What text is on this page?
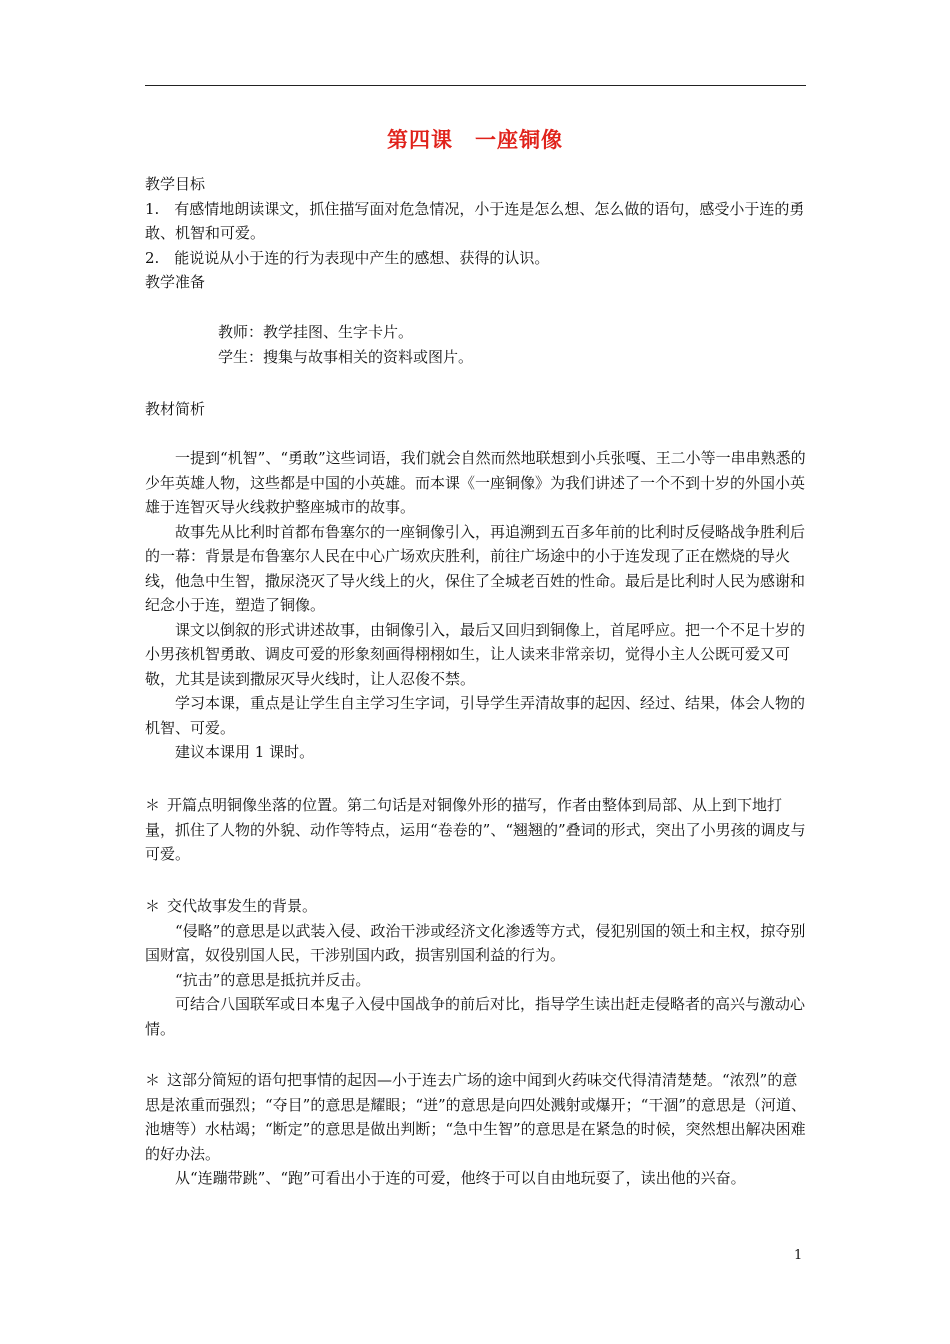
第四课　一座铜像

教学目标

1.　有感情地朗读课文，抓住描写面对危急情况，小于连是怎么想、怎么做的语句，感受小于连的勇敢、机智和可爱。

2.　能说说从小于连的行为表现中产生的感想、获得的认识。

教学准备

教师：教学挂图、生字卡片。

学生：搜集与故事相关的资料或图片。

教材简析

一提到“机智”、“勇敢”这些词语，我们就会自然而然地联想到小兵张嘎、王二小等一串串熟悉的少年英雄人物，这些都是中国的小英雄。而本课《一座铜像》为我们讲述了一个不到十岁的外国小英雄于连智灭导火线救护整座城市的故事。

故事先从比利时首都布鲁塞尔的一座铜像引入，再追溯到五百多年前的比利时反侵略战争胜利后的一幕：背景是布鲁塞尔人民在中心广场欢庆胜利，前往广场途中的小于连发现了正在燃烧的导火线，他急中生智，撒尿浇灭了导火线上的火，保住了全城老百姓的性命。最后是比利时人民为感谢和纪念小于连，塑造了铜像。

课文以倒叙的形式讲述故事，由铜像引入，最后又回归到铜像上，首尾呼应。把一个不足十岁的小男孩机智勇敢、调皮可爱的形象刻画得栩栩如生，让人读来非常亲切，觉得小主人公既可爱又可敬，尤其是读到撒尿灭导火线时，让人忍俊不禁。

学习本课，重点是让学生自主学习生字词，引导学生弄清故事的起因、经过、结果，体会人物的机智、可爱。

建议本课用 1 课时。

＊ 开篇点明铜像坐落的位置。第二句话是对铜像外形的描写，作者由整体到局部、从上到下地打量，抓住了人物的外貌、动作等特点，运用“卷卷的”、“翘翘的”叠词的形式，突出了小男孩的调皮与可爱。

＊ 交代故事发生的背景。

“侵略”的意思是以武装入侵、政治干涉或经济文化渗透等方式，侵犯别国的领土和主权，掠夺别国财富，奴役别国人民，干涉别国内政，损害别国利益的行为。

“抗击”的意思是抵抗并反击。

可结合八国联军或日本鬼子入侵中国战争的前后对比，指导学生读出赶走侵略者的高兴与激动心情。

＊ 这部分简短的语句把事情的起因—小于连去广场的途中闻到火药味交代得清清楚楚。“浓烈”的意思是浓重而强烈；“夺目”的意思是耀眼；“迸”的意思是向四处溅射或爆开；“干涸”的意思是（河道、池塘等）水枯竭；“断定”的意思是做出判断；“急中生智”的意思是在紧急的时候，突然想出解决困难的好办法。

从“连蹦带跳”、“跑”可看出小于连的可爱，他终于可以自由地玩耍了，读出他的兴奋。

1
